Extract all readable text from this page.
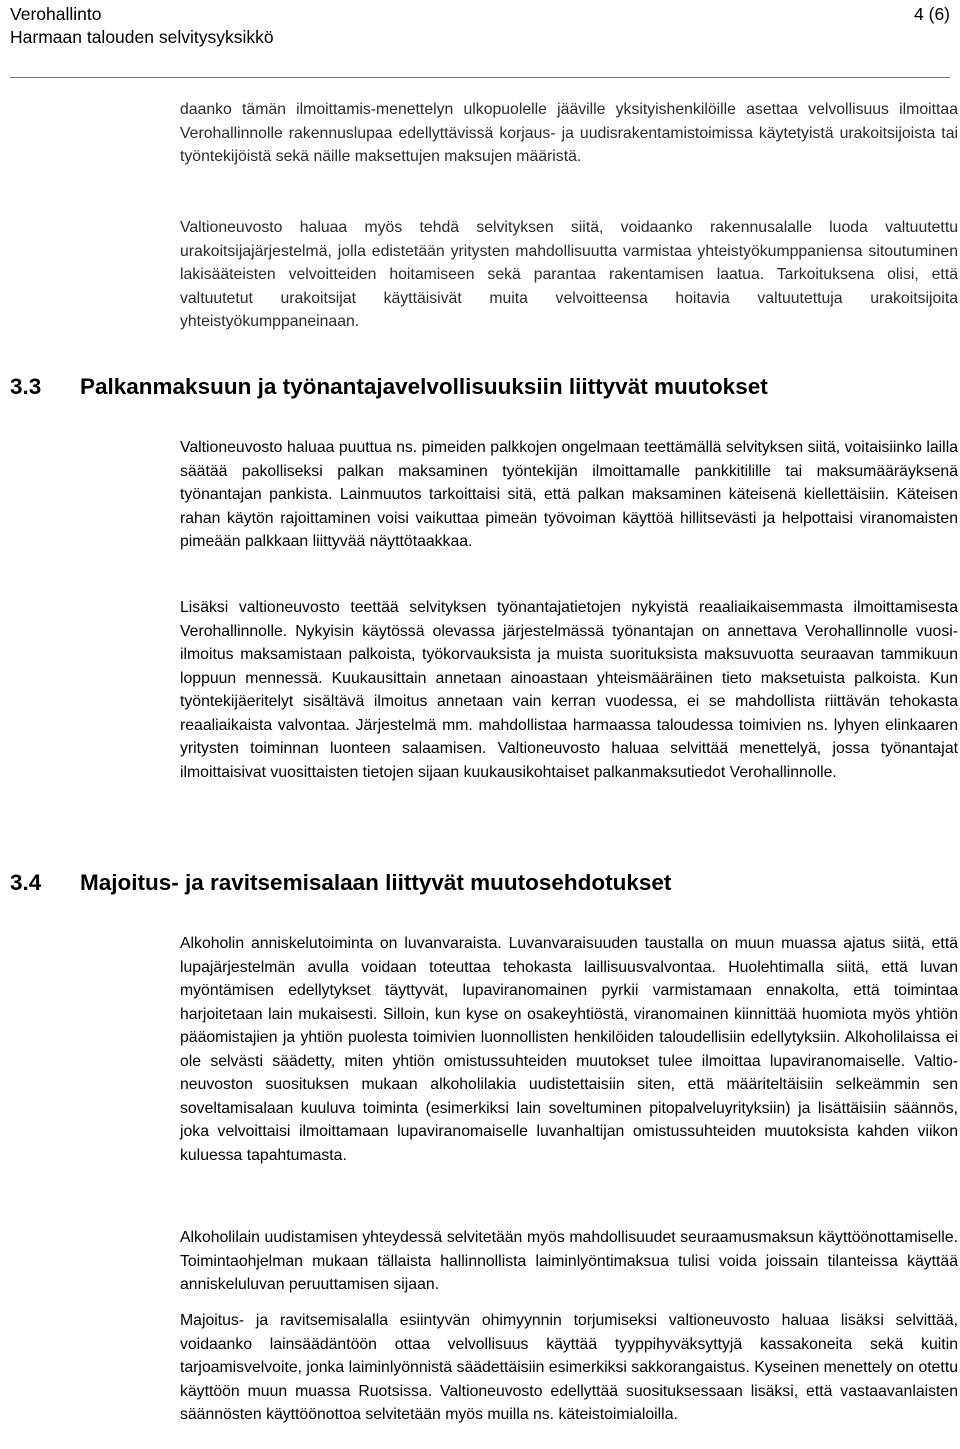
Verohallinto
Harmaan talouden selvitysyksikkö
4 (6)

daanko tämän ilmoittamis-menettelyn ulkopuolelle jääville yksityishenkilöille asettaa velvollisuus ilmoittaa Verohallinnolle rakennuslupaa edellyttävissä korjaus- ja uudisrakentamistoimissa käytetyistä urakoitsijoista tai työntekijöistä sekä näille maksettujen maksujen määristä.

Valtioneuvosto haluaa myös tehdä selvityksen siitä, voidaanko rakennusalalle luoda valtuutettu urakoitsijajärjestelmä, jolla edistetään yritysten mahdollisuutta varmistaa yhteistyökumppaniensa sitoutuminen lakisääteisten velvoitteiden hoitamiseen sekä parantaa rakentamisen laatua. Tarkoituksena olisi, että valtuutetut urakoitsijat käyttäisivät muita velvoitteensa hoitavia valtuutettuja urakoitsijoita yhteistyökumppaneinaan.

3.3 Palkanmaksuun ja työnantajavelvollisuuksiin liittyvät muutokset

Valtioneuvosto haluaa puuttua ns. pimeiden palkkojen ongelmaan teettämällä selvityksen siitä, voitaisiinko lailla säätää pakolliseksi palkan maksaminen työntekijän ilmoittamalle pankkitilille tai maksumääräyksenä työnantajan pankista. Lainmuutos tarkoittaisi sitä, että palkan maksaminen käteisenä kiellettäisiin. Käteisen rahan käytön rajoittaminen voisi vaikuttaa pimeän työvoiman käyttöä hillitsevästi ja helpottaisi viranomaisten pimeään palkkaan liittyvää näyttötaakkaa.

Lisäksi valtioneuvosto teettää selvityksen työnantajatietojen nykyistä reaaliaikaisemmasta ilmoittamisesta Verohallinnolle. Nykyisin käytössä olevassa järjestelmässä työnantajan on annettava Verohallinnolle vuosi-ilmoitus maksamistaan palkoista, työkorvauksista ja muista suorituksista maksuvuotta seuraavan tammikuun loppuun mennessä. Kuukausittain annetaan ainoastaan yhteismääräinen tieto maksetuista palkoista. Kun työntekijäeritelyt sisältävä ilmoitus annetaan vain kerran vuodessa, ei se mahdollista riittävän tehokasta reaaliaikaista valvontaa. Järjestelmä mm. mahdollistaa harmaassa taloudessa toimivien ns. lyhyen elinkaaren yritysten toiminnan luonteen salaamisen. Valtioneuvosto haluaa selvittää menettelyä, jossa työnantajat ilmoittaisivat vuosittaisten tietojen sijaan kuukausikohtaiset palkanmaksutiedot Verohallinnolle.

3.4 Majoitus- ja ravitsemisalaan liittyvät muutosehdotukset

Alkoholin anniskelutoiminta on luvanvaraista. Luvanvaraisuuden taustalla on muun muassa ajatus siitä, että lupajärjestelmän avulla voidaan toteuttaa tehokasta laillisuusvalvontaa. Huolehtimalla siitä, että luvan myöntämisen edellytykset täyttyvät, lupaviranomainen pyrkii varmistamaan ennakolta, että toimintaa harjoitetaan lain mukaisesti. Silloin, kun kyse on osakeyhtiöstä, viranomainen kiinnittää huomiota myös yhtiön pääomistajien ja yhtiön puolesta toimivien luonnollisten henkilöiden taloudellisiin edellytyksiin. Alkoholilaissa ei ole selvästi säädetty, miten yhtiön omistussuhteiden muutokset tulee ilmoittaa lupaviranomaiselle. Valtio-neuvoston suosituksen mukaan alkoholilakia uudistettaisiin siten, että määriteltäisiin selkeämmin sen soveltamisalaan kuuluva toiminta (esimerkiksi lain soveltuminen pitopalveluyrityksiin) ja lisättäisiin säännös, joka velvoittaisi ilmoittamaan lupaviranomaiselle luvanhaltijan omistussuhteiden muutoksista kahden viikon kuluessa tapahtumasta.

Alkoholilain uudistamisen yhteydessä selvitetään myös mahdollisuudet seuraamusmaksun käyttöönottamiselle. Toimintaohjelman mukaan tällaista hallinnollista laiminlyöntimaksua tulisi voida joissain tilanteissa käyttää anniskeluluvan peruuttamisen sijaan.

Majoitus- ja ravitsemisalalla esiintyvän ohimyynnin torjumiseksi valtioneuvosto haluaa lisäksi selvittää, voidaanko lainsäädäntöön ottaa velvollisuus käyttää tyyppihyväksyttyjä kassakoneita sekä kuitin tarjoamisvelvoite, jonka laiminlyönnistä säädettäisiin esimerkiksi sakkorangaistus. Kyseinen menettely on otettu käyttöön muun muassa Ruotsissa. Valtioneuvosto edellyttää suosituksessaan lisäksi, että vastaavanlaisten säännösten käyttöönottoa selvitetään myös muilla ns. käteistoimialoilla.
